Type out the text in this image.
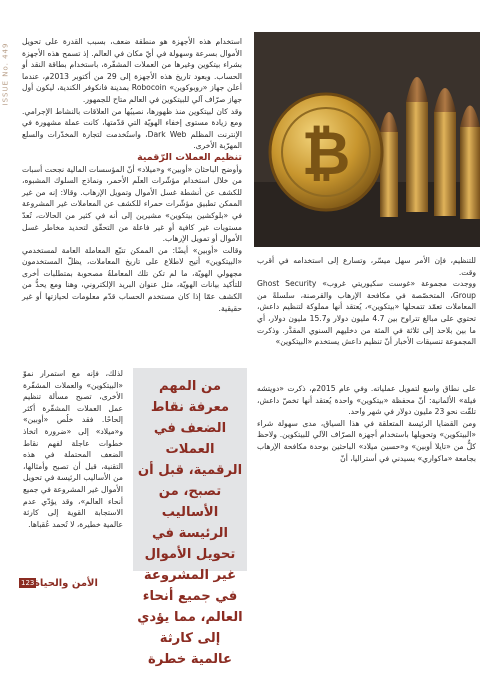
ISSUE No. 449

استخدام هذه الأجهزة هو منطقة ضعف، بسبب القدرة على تحويل الأموال بسرعة وسهولة في أيّ مكان في العالم. إذ تسمح هذه الأجهزة بشراء بيتكوين وغيرها من العملات المشفّرة، باستخدام بطاقة النقد أو الحساب. وبعود تاريخ هذه الأجهزة إلى 29 من أكتوبر 2013م، عندما أعلن جهاز «روبوكوين» Robocoin بمدينة فانكوفر الكندية، ليكون أول جهاز صرّاف آلي للبيتكوين في العالم متاح للجمهور.

وقد كان لبيتكوين منذ ظهورها، نصيبُها من العلاقات بالنشاط الإجرامي. ومع زيادة مستوى إخفاء الهويّة التي قدّمتها، كانت عملة مشهورة في الإنترنت المظلم Dark Web، واستُخدمت لتجارة المخدّرات والسلع المهرّبة الأخرى.

تنظيم العملات الرّقمية

وأوضح الباحثان «أوبين» و«ميلاد» أنّ المؤسسات المالية نجحت أسبات من خلال استخدام مؤشّرات العلَم الأحمر، ونماذج السلوك المشبوه، للكشف عن أنشطة غسل الأموال وتمويل الإرهاب. وقالا: إنه من غير الممكن تطبيق مؤشّرات حمراء للكشف عن المعاملات غير المشروعة في «بلوكشين بيتكوين» مشيرين إلى أنه في كثير من الحالات، تُعدّ مستويات غير كافية أو غير فاعلة من التحقّق لتحديد مخاطر غسل الأموال أو تمويل الإرهاب.

وقالت «أوبين» أيضًا: من الممكن تتبّع المعاملة العامة لمستخدمي «البيتكوين» أتيح لاطلاع على تاريخ المعاملات، يظلّ المستخدمون مجهولي الهويّة، ما لم تكن تلك المعاملةُ مصحوبة بمتطلبات أخرى للتأكيد بيانات الهويّة، مثل عنوان البريد الإلكتروني، وهنا ومع يحدُّ من الكشف عمّا إذا كان مستخدم الحساب قدّم معلومات لحيازتها أو غير حقيقية.

₿

للتنظيم، فإن الأمر سهل ميسّر، وتسارع إلى استخدامه في أقرب وقت.

ووجدت مجموعة «غوست سكيوريتي غروب» Ghost Security Group، المتخصّصة في مكافحة الإرهاب والقرصنة، سلسلةً من المعاملات تعمّد تتمحلها «بيتكوين»، يُعتقد أنها مملوكة لتنظيم داعش، تحتوي على مبالغ تتراوح بين 4.7 مليون دولار و15.7 مليون دولار، أي ما بين بلاحد إلى ثلاثة في المئة من دخليهم السنوي المقدَّر. وذكرت المجموعة تنسيقات الأخبار أنّ تنظيم داعش يستخدم «البيتكوين»

على نطاق واسع لتمويل عملياته. وفي عام 2015م، ذكرت «دويتشه فيلة» الألمانية: أنّ محفظة «بيتكوين» واحدة يُعتقد أنها تخصّ داعش، تلقّت نحو 23 مليون دولار في شهر واحد.

ومن القضايا الرئيسة المتعلقة في هذا السياق، مدى سهولة شراء «البيتكوين» وتحويلها باستخدام أجهزة الصرّاف الآلي للبيتكوين. ولاحظ كلٌّ من «تايلا أوبين» و«حسين ميلاد» الباحثين بوحدة مكافحة الإرهاب بجامعة «ماكواري» بسيدني في أستراليا، أنّ

من المهم معرفة نقاط الضعف في العملات الرقمية، قبل أن تصبح، من الأساليب الرئيسة في تحويل الأموال غير المشروعة في جميع أنحاء العالم، مما يؤدي إلى كارثة عالمية خطرة

لذلك، فإنه مع استمرار نموّ «البيتكوين» والعملات المشفّرة الأخرى، تصبح مسألة تنظيم عمل العملات المشفّرة أكثر إلحاحًا. فقد خلُص «أوبين» و«ميلاد» إلى «ضرورة اتخاذ خطوات عاجلة لفهم نقاط الضعف المحتملة في هذه التقنية، قبل أن تصبح وأمثالها، من الأساليب الرئيسة في تحويل الأموال غير المشروعة في جميع أنحاء العالم»، وقد يؤدّي عدم الاستجابة القوية إلى كارثة عالمية خطيرة، لا تُحمد عُقباها.

123 الأمن والحياة
